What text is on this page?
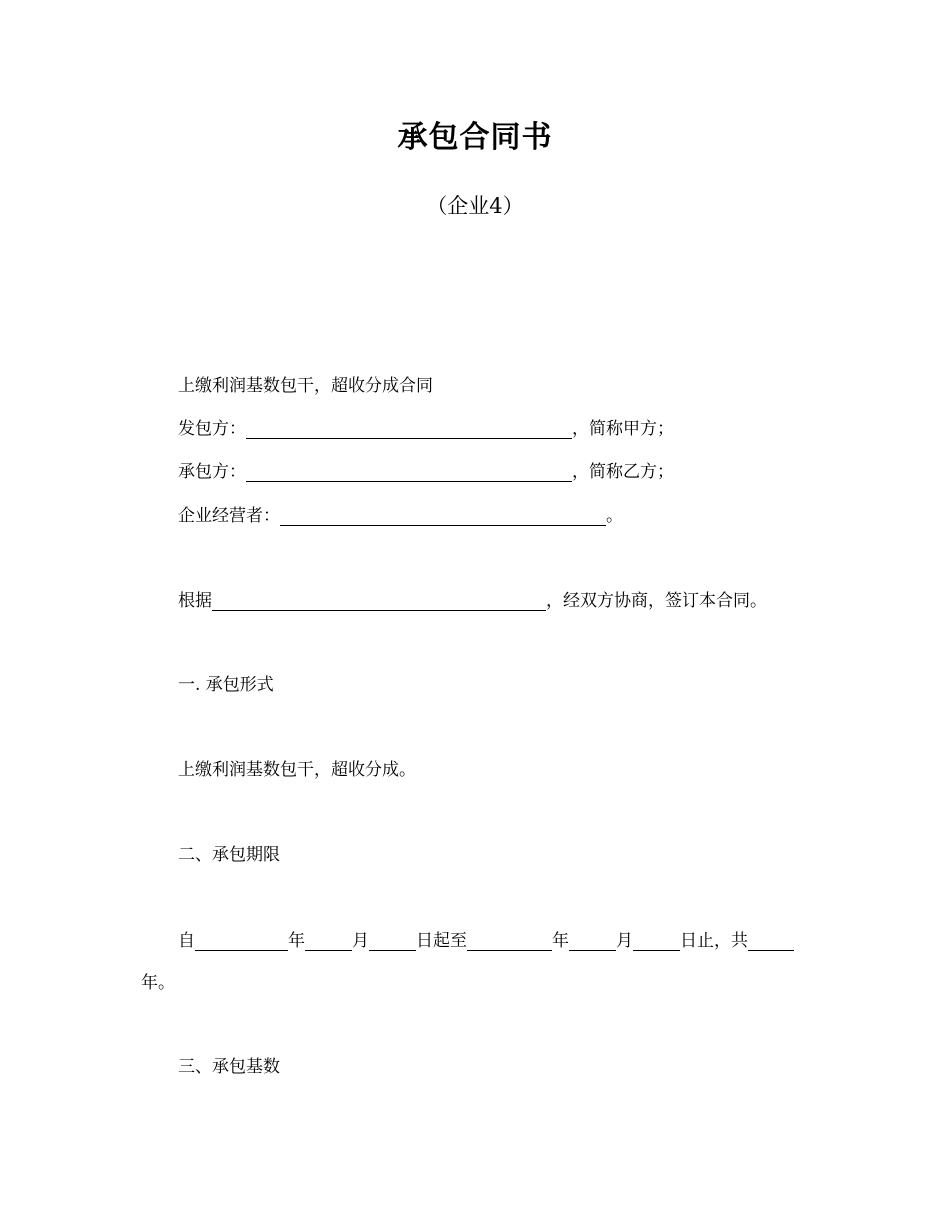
承包合同书
（企业4）
上缴利润基数包干，超收分成合同
发包方：	，简称甲方；
承包方：	，简称乙方；
企业经营者：	。
根据	，经双方协商，签订本合同。
一. 承包形式
上缴利润基数包干，超收分成。
二、承包期限
自	年	月	日起至	年	月	日止，共
年。
三、承包基数
